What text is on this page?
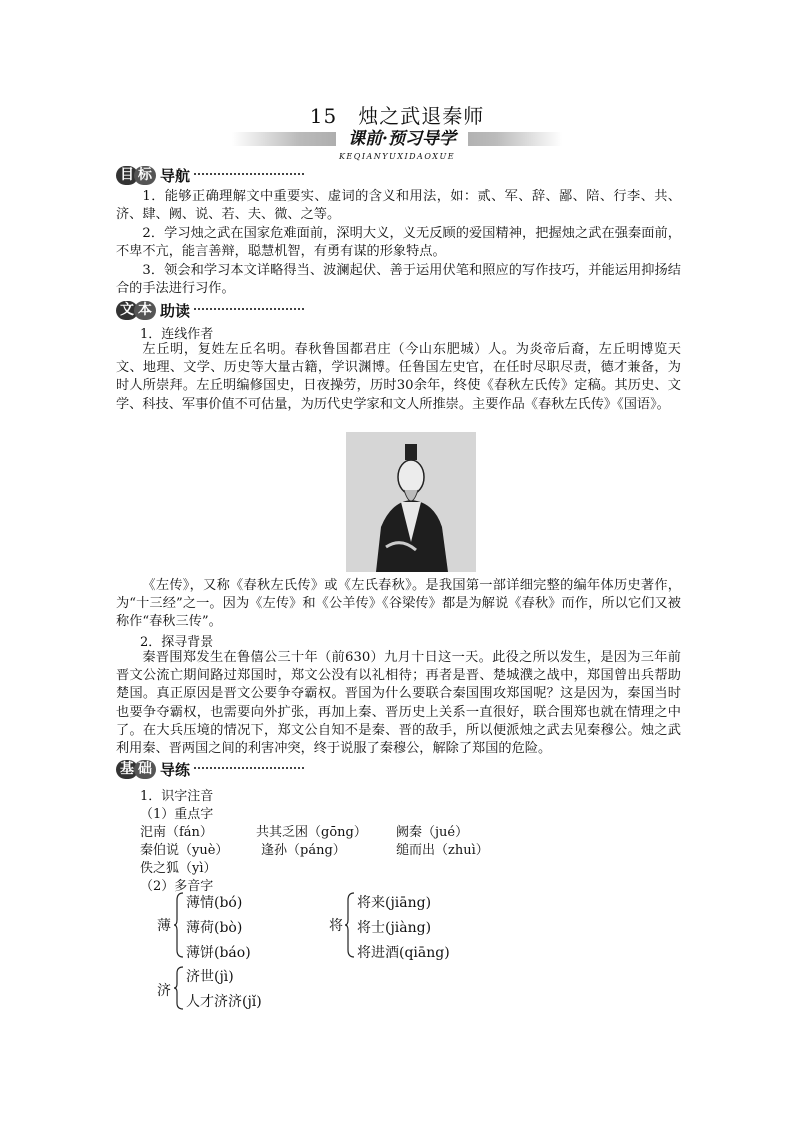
15　烛之武退秦师
课前·预习导学
KEQIANYUXIDAOXUE
目 标 导航

1．能够正确理解文中重要实、虚词的含义和用法，如：贰、军、辞、鄙、陪、行李、共、济、肆、阙、说、若、夫、微、之等。

2．学习烛之武在国家危难面前，深明大义，义无反顾的爱国精神，把握烛之武在强秦面前，不卑不亢，能言善辩，聪慧机智，有勇有谋的形象特点。

3．领会和学习本文详略得当、波澜起伏、善于运用伏笔和照应的写作技巧，并能运用抑扬结合的手法进行习作。

文 本 助读
1．连线作者

左丘明，复姓左丘名明。春秋鲁国都君庄（今山东肥城）人。为炎帝后裔，左丘明博览天文、地理、文学、历史等大量古籍，学识渊博。任鲁国左史官，在任时尽职尽责，德才兼备，为时人所崇拜。左丘明编修国史，日夜操劳，历时30余年，终使《春秋左氏传》定稿。其历史、文学、科技、军事价值不可估量，为历代史学家和文人所推崇。主要作品《春秋左氏传》《国语》。

《左传》，又称《春秋左氏传》或《左氏春秋》。是我国第一部详细完整的编年体历史著作，为“十三经”之一。因为《左传》和《公羊传》《谷梁传》都是为解说《春秋》而作，所以它们又被称作“春秋三传”。

2．探寻背景

秦晋围郑发生在鲁僖公三十年（前630）九月十日这一天。此役之所以发生，是因为三年前晋文公流亡期间路过郑国时，郑文公没有以礼相待；再者是晋、楚城濮之战中，郑国曾出兵帮助楚国。真正原因是晋文公要争夺霸权。晋国为什么要联合秦国围攻郑国呢？这是因为，秦国当时也要争夺霸权，也需要向外扩张，再加上秦、晋历史上关系一直很好，联合围郑也就在情理之中了。在大兵压境的情况下，郑文公自知不是秦、晋的敌手，所以便派烛之武去见秦穆公。烛之武利用秦、晋两国之间的利害冲突，终于说服了秦穆公，解除了郑国的危险。

基 础 导练
1．识字注音
（1）重点字
汜南（fán）	共其乏困（gōng） 阙秦（jué）
秦伯说（yuè）	逢孙（páng）	缒而出（zhuì）
佚之狐（yì）
（2）多音字
薄
薄情(bó)
薄荷(bò)
薄饼(báo)
将
将来(jiāng)
将士(jiàng)
将进酒(qiāng)
济
济世(jì)
人才济济(jǐ)
